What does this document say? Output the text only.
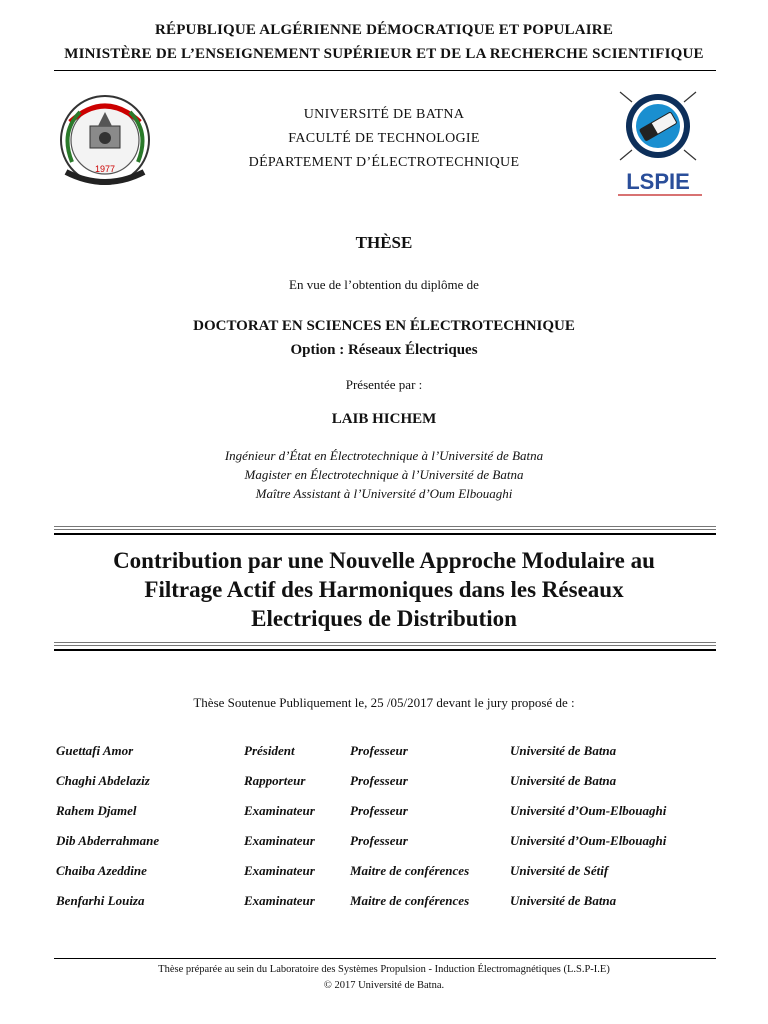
RÉPUBLIQUE ALGÉRIENNE DÉMOCRATIQUE ET POPULAIRE
MINISTÈRE DE L’ENSEIGNEMENT SUPÉRIEUR ET DE LA RECHERCHE SCIENTIFIQUE
1977	LSPIE
UNIVERSITÉ DE BATNA
FACULTÉ DE TECHNOLOGIE
DÉPARTEMENT D’ÉLECTROTECHNIQUE
THÈSE
En vue de l’obtention du diplôme de
DOCTORAT EN SCIENCES EN ÉLECTROTECHNIQUE
Option : Réseaux Électriques
Présentée par :
LAIB HICHEM
Ingénieur d’État en Électrotechnique à l’Université de Batna
Magister en Électrotechnique à l’Université de Batna
Maître Assistant à l’Université d’Oum Elbouaghi
Contribution par une Nouvelle Approche Modulaire au
Filtrage Actif des Harmoniques dans les Réseaux
Electriques de Distribution
Thèse Soutenue Publiquement le, 25 /05/2017 devant le jury proposé de :
Guettafi Amor	Président	Professeur	Université de Batna
Chaghi Abdelaziz	Rapporteur	Professeur	Université de Batna
Rahem Djamel	Examinateur	Professeur	Université d’Oum-Elbouaghi
Dib Abderrahmane	Examinateur	Professeur	Université d’Oum-Elbouaghi
Chaiba Azeddine	Examinateur	Maitre de conférences	Université de Sétif
Benfarhi Louiza	Examinateur	Maitre de conférences	Université de Batna
Thèse préparée au sein du Laboratoire des Systèmes Propulsion - Induction Électromagnétiques (L.S.P-I.E)
© 2017 Université de Batna.
